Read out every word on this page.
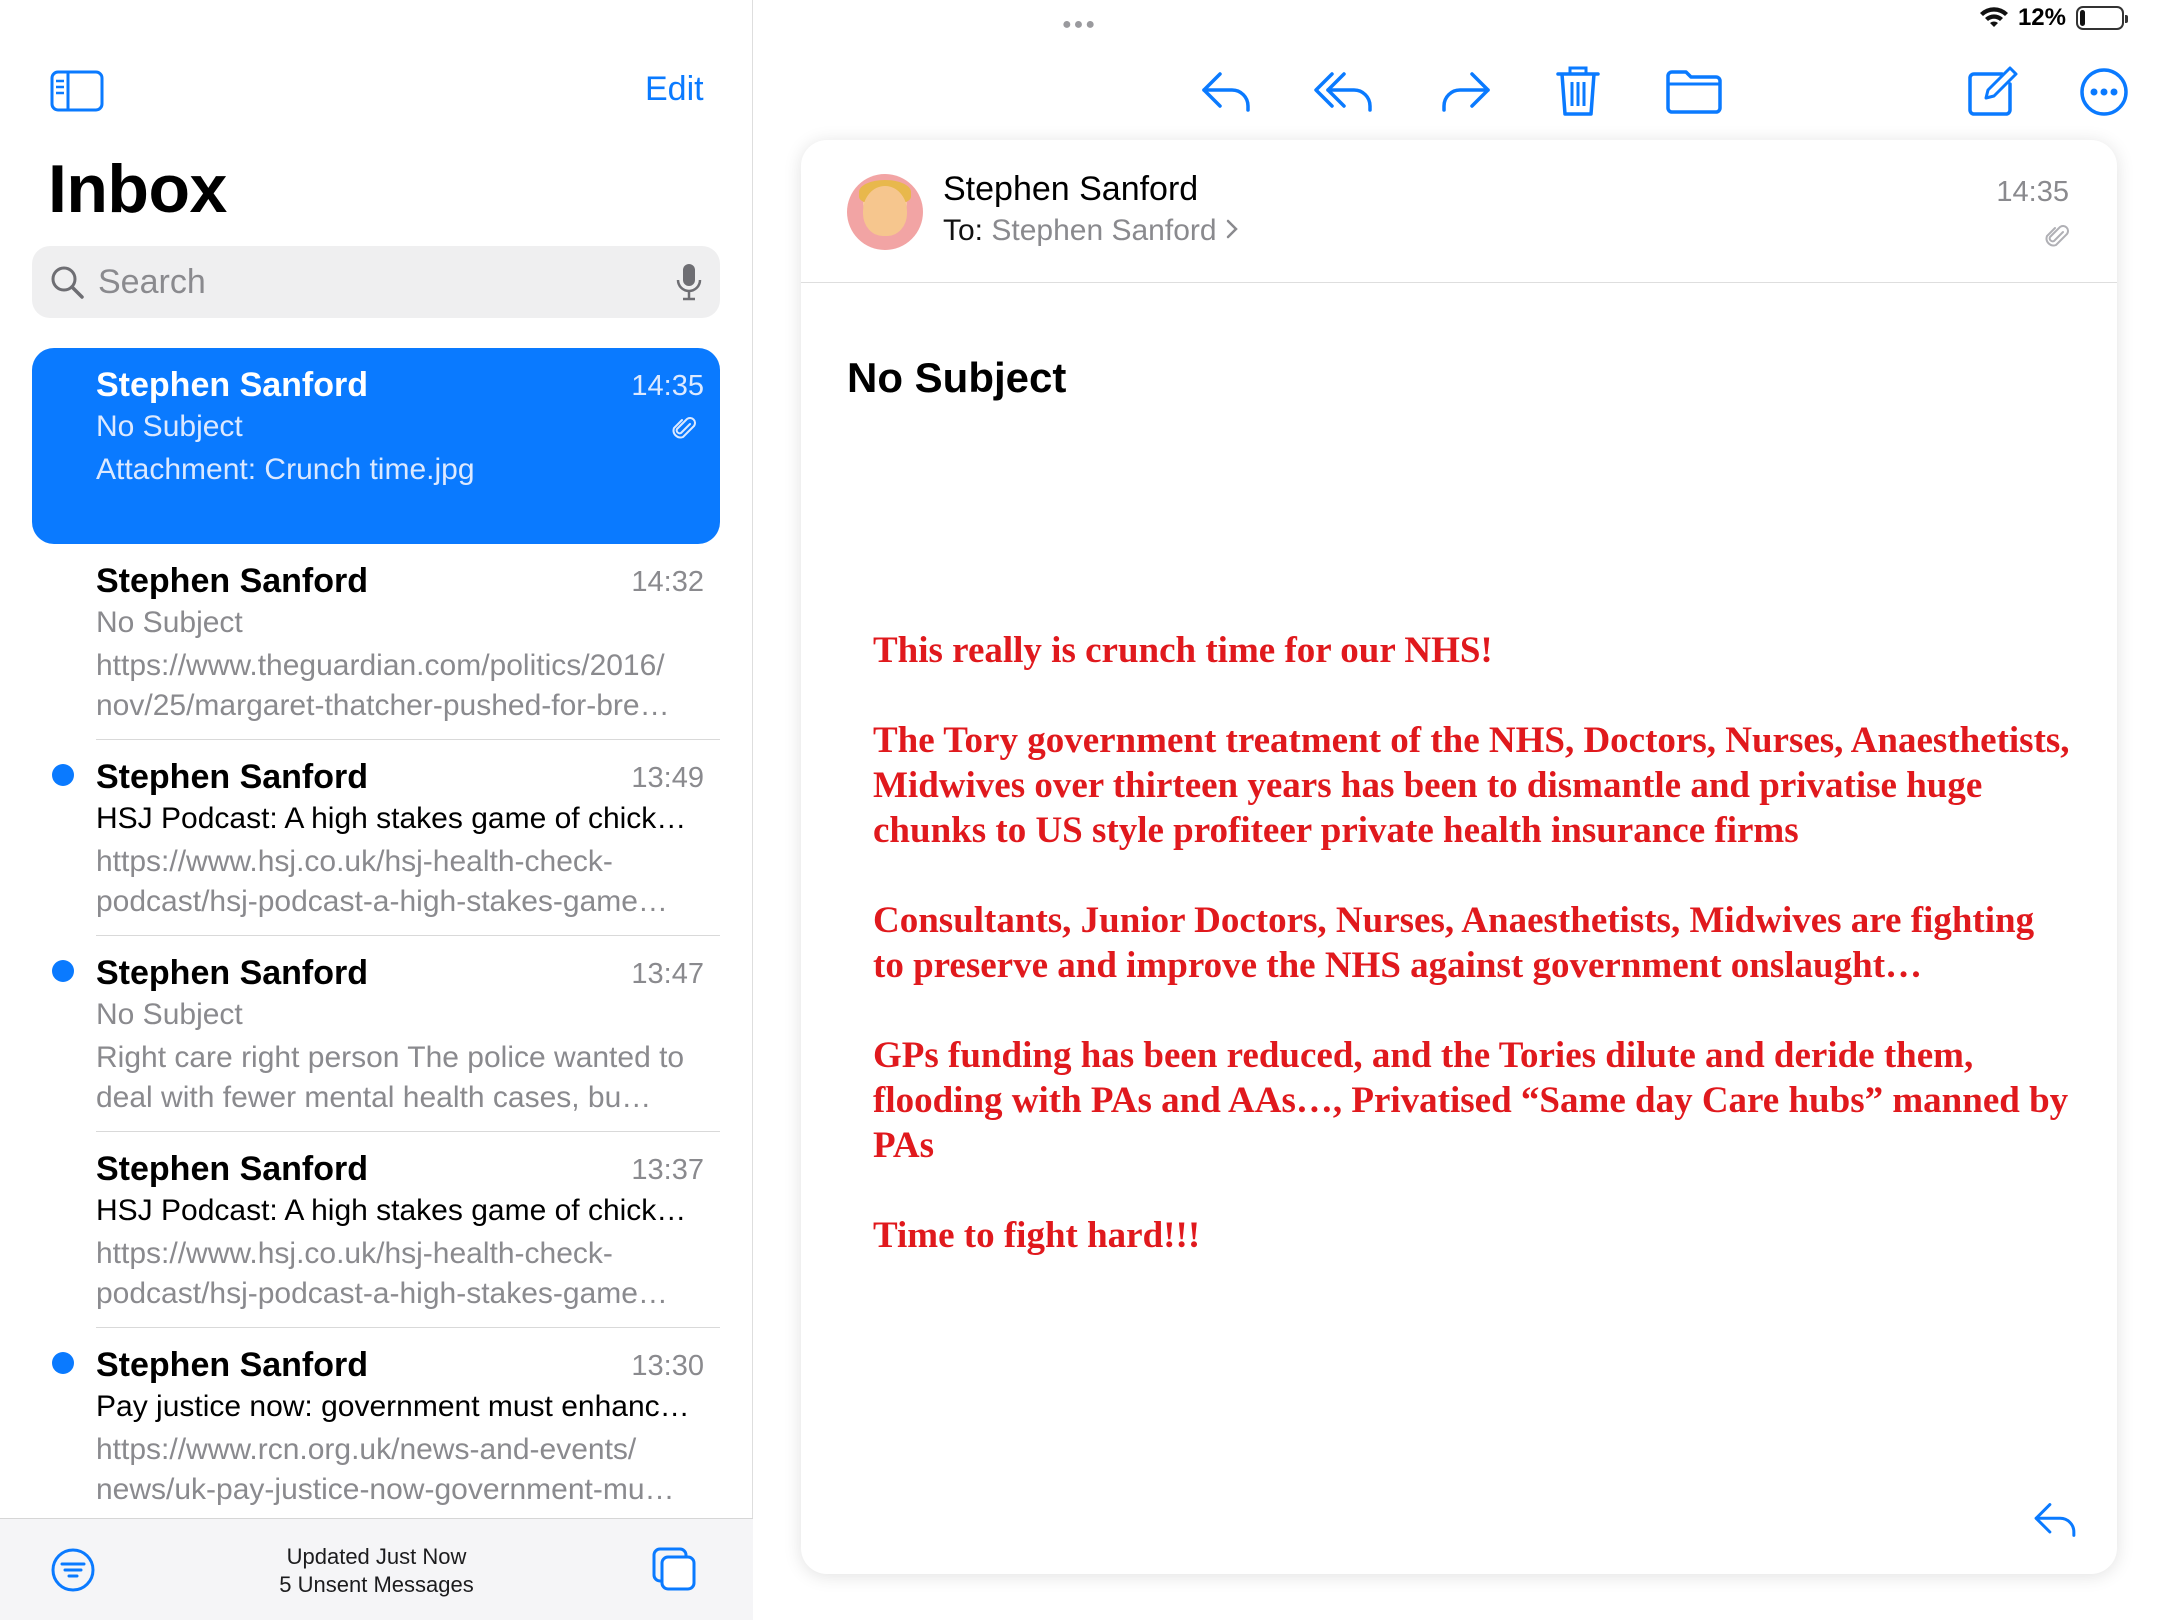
●●●	12%
Edit
Inbox
Search
Stephen Sanford	14:35
No Subject
Attachment: Crunch time.jpg
Stephen Sanford	14:32
No Subject
https://www.theguardian.com/politics/2016/ nov/25/margaret-thatcher-pushed-for-bre…
Stephen Sanford	13:49
HSJ Podcast: A high stakes game of chick…
https://www.hsj.co.uk/hsj-health-check- podcast/hsj-podcast-a-high-stakes-game…
Stephen Sanford	13:47
No Subject
Right care right person The police wanted to deal with fewer mental health cases, bu…
Stephen Sanford	13:37
HSJ Podcast: A high stakes game of chick…
https://www.hsj.co.uk/hsj-health-check- podcast/hsj-podcast-a-high-stakes-game…
Stephen Sanford	13:30
Pay justice now: government must enhanc…
https://www.rcn.org.uk/news-and-events/ news/uk-pay-justice-now-government-mu…
Updated Just Now
5 Unsent Messages
Stephen Sanford
To: Stephen Sanford
14:35
No Subject

This really is crunch time for our NHS!

The Tory government treatment of the NHS, Doctors, Nurses, Anaesthetists, Midwives over thirteen years has been to dismantle and privatise huge chunks to US style profiteer private health insurance firms

Consultants, Junior Doctors, Nurses, Anaesthetists, Midwives are fighting to preserve and improve the NHS against government onslaught…

GPs funding has been reduced, and the Tories dilute and deride them, flooding with PAs and AAs…, Privatised “Same day Care hubs” manned by PAs

Time to fight hard!!!
